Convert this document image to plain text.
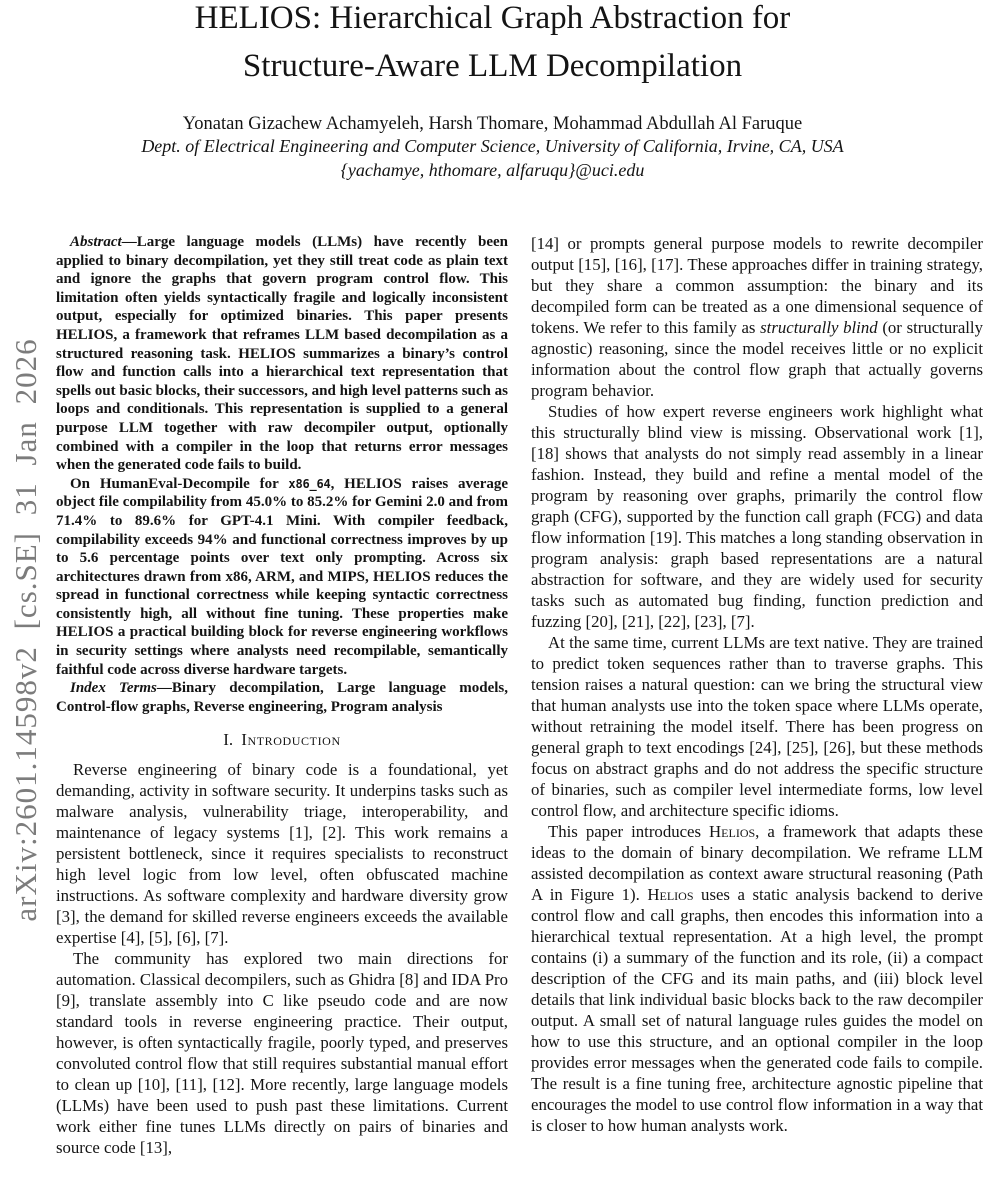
arXiv:2601.14598v2 [cs.SE] 31 Jan 2026
HELIOS: Hierarchical Graph Abstraction for
Structure-Aware LLM Decompilation
Yonatan Gizachew Achamyeleh, Harsh Thomare, Mohammad Abdullah Al Faruque
Dept. of Electrical Engineering and Computer Science, University of California, Irvine, CA, USA
{yachamye, hthomare, alfaruqu}@uci.edu

Abstract—Large language models (LLMs) have recently been applied to binary decompilation, yet they still treat code as plain text and ignore the graphs that govern program control flow. This limitation often yields syntactically fragile and logically inconsistent output, especially for optimized binaries. This paper presents HELIOS, a framework that reframes LLM based decompilation as a structured reasoning task. HELIOS summarizes a binary’s control flow and function calls into a hierarchical text representation that spells out basic blocks, their successors, and high level patterns such as loops and conditionals. This representation is supplied to a general purpose LLM together with raw decompiler output, optionally combined with a compiler in the loop that returns error messages when the generated code fails to build.

On HumanEval-Decompile for x86_64, HELIOS raises average object file compilability from 45.0% to 85.2% for Gemini 2.0 and from 71.4% to 89.6% for GPT-4.1 Mini. With compiler feedback, compilability exceeds 94% and functional correctness improves by up to 5.6 percentage points over text only prompting. Across six architectures drawn from x86, ARM, and MIPS, HELIOS reduces the spread in functional correctness while keeping syntactic correctness consistently high, all without fine tuning. These properties make HELIOS a practical building block for reverse engineering workflows in security settings where analysts need recompilable, semantically faithful code across diverse hardware targets.

Index Terms—Binary decompilation, Large language models, Control-flow graphs, Reverse engineering, Program analysis

I. Introduction

Reverse engineering of binary code is a foundational, yet demanding, activity in software security. It underpins tasks such as malware analysis, vulnerability triage, interoperability, and maintenance of legacy systems [1], [2]. This work remains a persistent bottleneck, since it requires specialists to reconstruct high level logic from low level, often obfuscated machine instructions. As software complexity and hardware diversity grow [3], the demand for skilled reverse engineers exceeds the available expertise [4], [5], [6], [7].

The community has explored two main directions for automation. Classical decompilers, such as Ghidra [8] and IDA Pro [9], translate assembly into C like pseudo code and are now standard tools in reverse engineering practice. Their output, however, is often syntactically fragile, poorly typed, and preserves convoluted control flow that still requires substantial manual effort to clean up [10], [11], [12]. More recently, large language models (LLMs) have been used to push past these limitations. Current work either fine tunes LLMs directly on pairs of binaries and source code [13],

[14] or prompts general purpose models to rewrite decompiler output [15], [16], [17]. These approaches differ in training strategy, but they share a common assumption: the binary and its decompiled form can be treated as a one dimensional sequence of tokens. We refer to this family as structurally blind (or structurally agnostic) reasoning, since the model receives little or no explicit information about the control flow graph that actually governs program behavior.

Studies of how expert reverse engineers work highlight what this structurally blind view is missing. Observational work [1], [18] shows that analysts do not simply read assembly in a linear fashion. Instead, they build and refine a mental model of the program by reasoning over graphs, primarily the control flow graph (CFG), supported by the function call graph (FCG) and data flow information [19]. This matches a long standing observation in program analysis: graph based representations are a natural abstraction for software, and they are widely used for security tasks such as automated bug finding, function prediction and fuzzing [20], [21], [22], [23], [7].

At the same time, current LLMs are text native. They are trained to predict token sequences rather than to traverse graphs. This tension raises a natural question: can we bring the structural view that human analysts use into the token space where LLMs operate, without retraining the model itself. There has been progress on general graph to text encodings [24], [25], [26], but these methods focus on abstract graphs and do not address the specific structure of binaries, such as compiler level intermediate forms, low level control flow, and architecture specific idioms.

This paper introduces Helios, a framework that adapts these ideas to the domain of binary decompilation. We reframe LLM assisted decompilation as context aware structural reasoning (Path A in Figure 1). Helios uses a static analysis backend to derive control flow and call graphs, then encodes this information into a hierarchical textual representation. At a high level, the prompt contains (i) a summary of the function and its role, (ii) a compact description of the CFG and its main paths, and (iii) block level details that link individual basic blocks back to the raw decompiler output. A small set of natural language rules guides the model on how to use this structure, and an optional compiler in the loop provides error messages when the generated code fails to compile. The result is a fine tuning free, architecture agnostic pipeline that encourages the model to use control flow information in a way that is closer to how human analysts work.
